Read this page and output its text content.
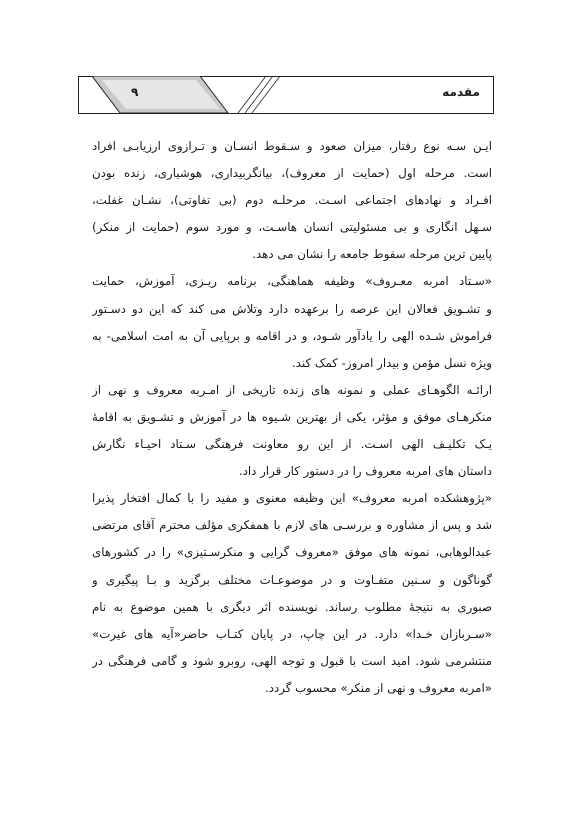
مقدمه
۹
ایـن سـه نوع رفتار، میزان صعود و سـقوط انسـان و تـرازوی ارزیابـی افراد
است. مرحله اول (حمایت از معروف)، بیانگربیداری، هوشیاری، زنده بودن
افـراد و نهادهای اجتماعی اسـت. مرحلـه دوم (بی تفاوتی)، نشـان غفلت،
سـهل انگاری و بی مسئولیتی انسان هاسـت، و مورد سوم (حمایت از منکر)
پایین ترین مرحله سقوط جامعه را نشان می دهد.
«سـتاد امربه معـروف» وظیفه هماهنگی، برنامه ریـزی، آموزش، حمایت
و تشـویق فعالان این عرصه را برعهده دارد وتلاش می کند که این دو دسـتور
فراموش شـده الهی را یادآور شـود، و در اقامه و برپایی آن به امت اسلامی- به
ویژه نسل مؤمن و بیدار امروز- کمک کند.
ارائـه الگوهـای عملی و نمونه های زنده تاریخی از امـربه معروف و نهی از
منکرهـای موفق و مؤثر، یکی از بهترین شـیوه ها در آموزش و تشـویق به اقامۀ
یـک تکلیـف الهی اسـت. از این رو معاونت فرهنگی سـتاد احیـاء نگارش
داستان های امربه معروف را در دستور کار قرار داد.
«پژوهشکده امربه معروف» این وظیفه معنوی و مفید را با کمال افتخار پذیرا
شد و پس از مشاوره و بررسـی های لازم با همفکری مؤلف محترم آقای مرتضی
عبدالوهابی، نمونه های موفق «معروف گرایی و منکرسـتیزی» را در کشورهای
گوناگون و سـنین متفـاوت و در موضوعـات مختلف برگزید و بـا پیگیری و
صبوری به نتیجۀ مطلوب رساند. نویسنده اثر دیگری با همین موضوع به نام
«سـربازان خـدا» دارد. در این چاپ، در پایان کتـاب حاضر«آیه های غیرت»
منتشرمی شود. امید است با قبول و توجه الهی، روبرو شود و گامی فرهنگی در
«امربه معروف و نهی از منکر» محسوب گردد.
